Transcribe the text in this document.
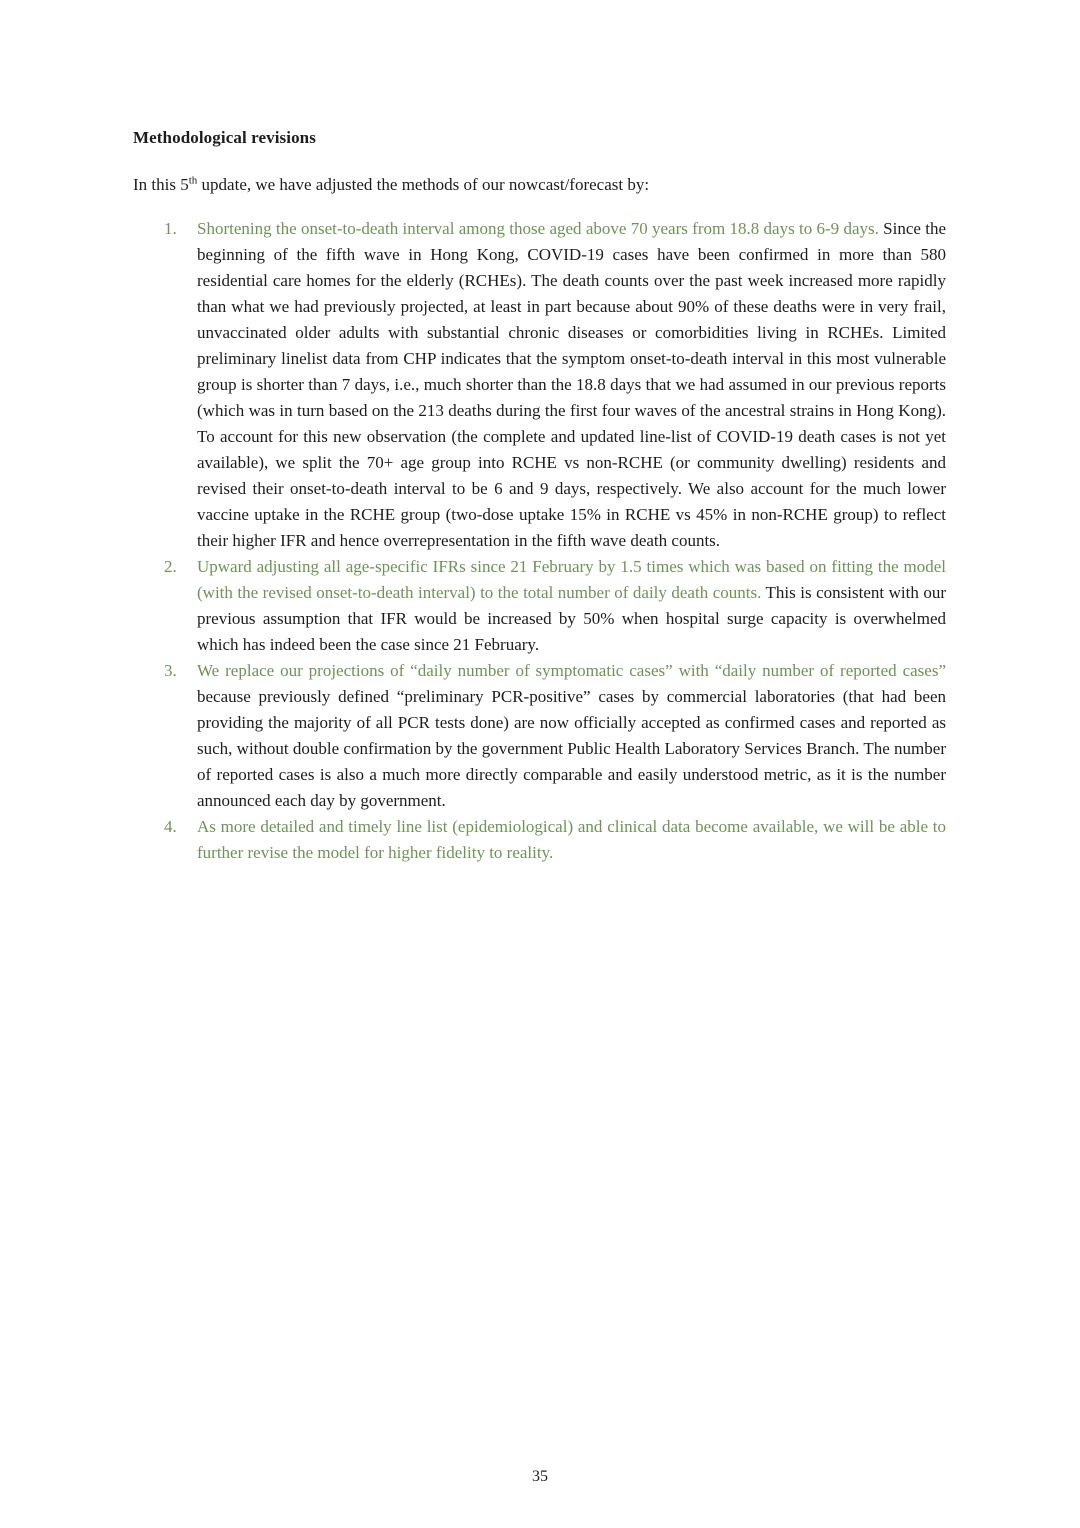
Methodological revisions

In this 5th update, we have adjusted the methods of our nowcast/forecast by:

1.	Shortening the onset-to-death interval among those aged above 70 years from 18.8 days to 6-9 days. Since the beginning of the fifth wave in Hong Kong, COVID-19 cases have been confirmed in more than 580 residential care homes for the elderly (RCHEs). The death counts over the past week increased more rapidly than what we had previously projected, at least in part because about 90% of these deaths were in very frail, unvaccinated older adults with substantial chronic diseases or comorbidities living in RCHEs. Limited preliminary linelist data from CHP indicates that the symptom onset-to-death interval in this most vulnerable group is shorter than 7 days, i.e., much shorter than the 18.8 days that we had assumed in our previous reports (which was in turn based on the 213 deaths during the first four waves of the ancestral strains in Hong Kong). To account for this new observation (the complete and updated line-list of COVID-19 death cases is not yet available), we split the 70+ age group into RCHE vs non-RCHE (or community dwelling) residents and revised their onset-to-death interval to be 6 and 9 days, respectively. We also account for the much lower vaccine uptake in the RCHE group (two-dose uptake 15% in RCHE vs 45% in non-RCHE group) to reflect their higher IFR and hence overrepresentation in the fifth wave death counts.
2.	Upward adjusting all age-specific IFRs since 21 February by 1.5 times which was based on fitting the model (with the revised onset-to-death interval) to the total number of daily death counts. This is consistent with our previous assumption that IFR would be increased by 50% when hospital surge capacity is overwhelmed which has indeed been the case since 21 February.
3.	We replace our projections of “daily number of symptomatic cases” with “daily number of reported cases” because previously defined “preliminary PCR-positive” cases by commercial laboratories (that had been providing the majority of all PCR tests done) are now officially accepted as confirmed cases and reported as such, without double confirmation by the government Public Health Laboratory Services Branch. The number of reported cases is also a much more directly comparable and easily understood metric, as it is the number announced each day by government.
4.	As more detailed and timely line list (epidemiological) and clinical data become available, we will be able to further revise the model for higher fidelity to reality.
35
